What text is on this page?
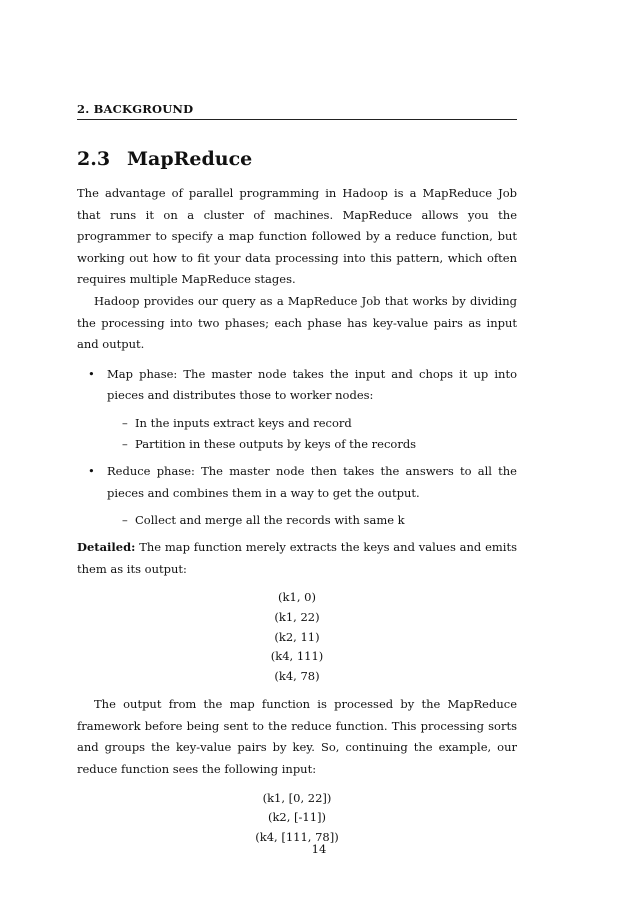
2. BACKGROUND
2.3 MapReduce

The advantage of parallel programming in Hadoop is a MapReduce Job that runs it on a cluster of machines. MapReduce allows you the programmer to specify a map function followed by a reduce function, but working out how to fit your data processing into this pattern, which often requires multiple MapReduce stages.

Hadoop provides our query as a MapReduce Job that works by dividing the processing into two phases; each phase has key-value pairs as input and output.

• Map phase: The master node takes the input and chops it up into pieces and distributes those to worker nodes:
– In the inputs extract keys and record
– Partition in these outputs by keys of the records
• Reduce phase: The master node then takes the answers to all the pieces and combines them in a way to get the output.
– Collect and merge all the records with same k

Detailed: The map function merely extracts the keys and values and emits them as its output:

(k1, 0)
(k1, 22)
(k2, 11)
(k4, 111)
(k4, 78)

The output from the map function is processed by the MapReduce framework before being sent to the reduce function. This processing sorts and groups the key-value pairs by key. So, continuing the example, our reduce function sees the following input:

(k1, [0, 22])
(k2, [-11])
(k4, [111, 78])
14
